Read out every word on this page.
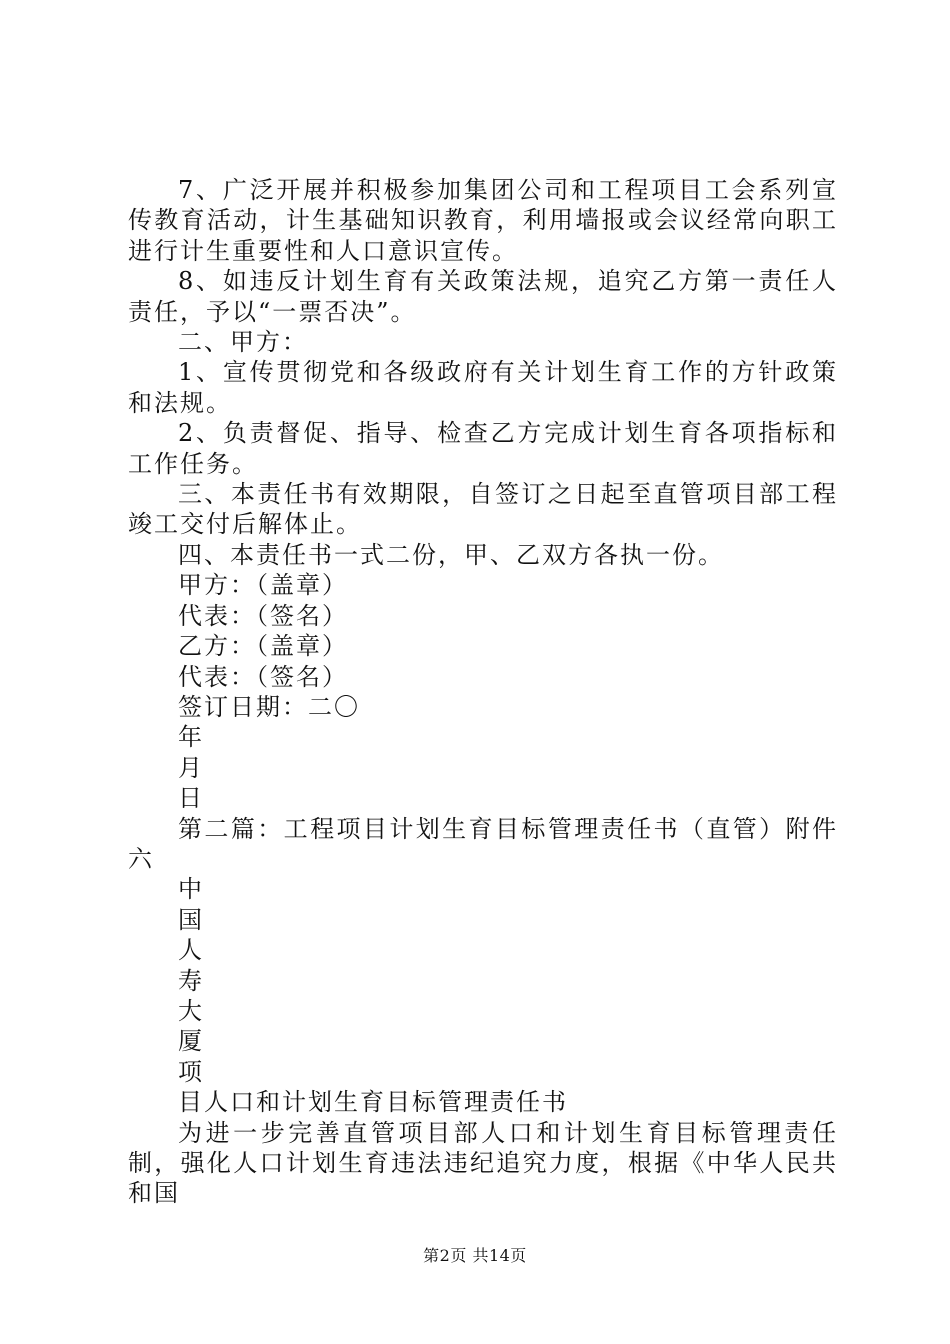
7、广泛开展并积极参加集团公司和工程项目工会系列宣传教育活动，计生基础知识教育，利用墙报或会议经常向职工进行计生重要性和人口意识宣传。

8、如违反计划生育有关政策法规，追究乙方第一责任人责任，予以“一票否决”。

二、甲方：

1、宣传贯彻党和各级政府有关计划生育工作的方针政策和法规。

2、负责督促、指导、检查乙方完成计划生育各项指标和工作任务。

三、本责任书有效期限，自签订之日起至直管项目部工程竣工交付后解体止。

四、本责任书一式二份，甲、乙双方各执一份。

甲方：（盖章）

代表：（签名）

乙方：（盖章）

代表：（签名）

签订日期：二〇

年

月

日

第二篇：工程项目计划生育目标管理责任书（直管）附件六

中

国

人

寿

大

厦

项

目人口和计划生育目标管理责任书

为进一步完善直管项目部人口和计划生育目标管理责任制，强化人口计划生育违法违纪追究力度，根据《中华人民共和国

第2页 共14页
